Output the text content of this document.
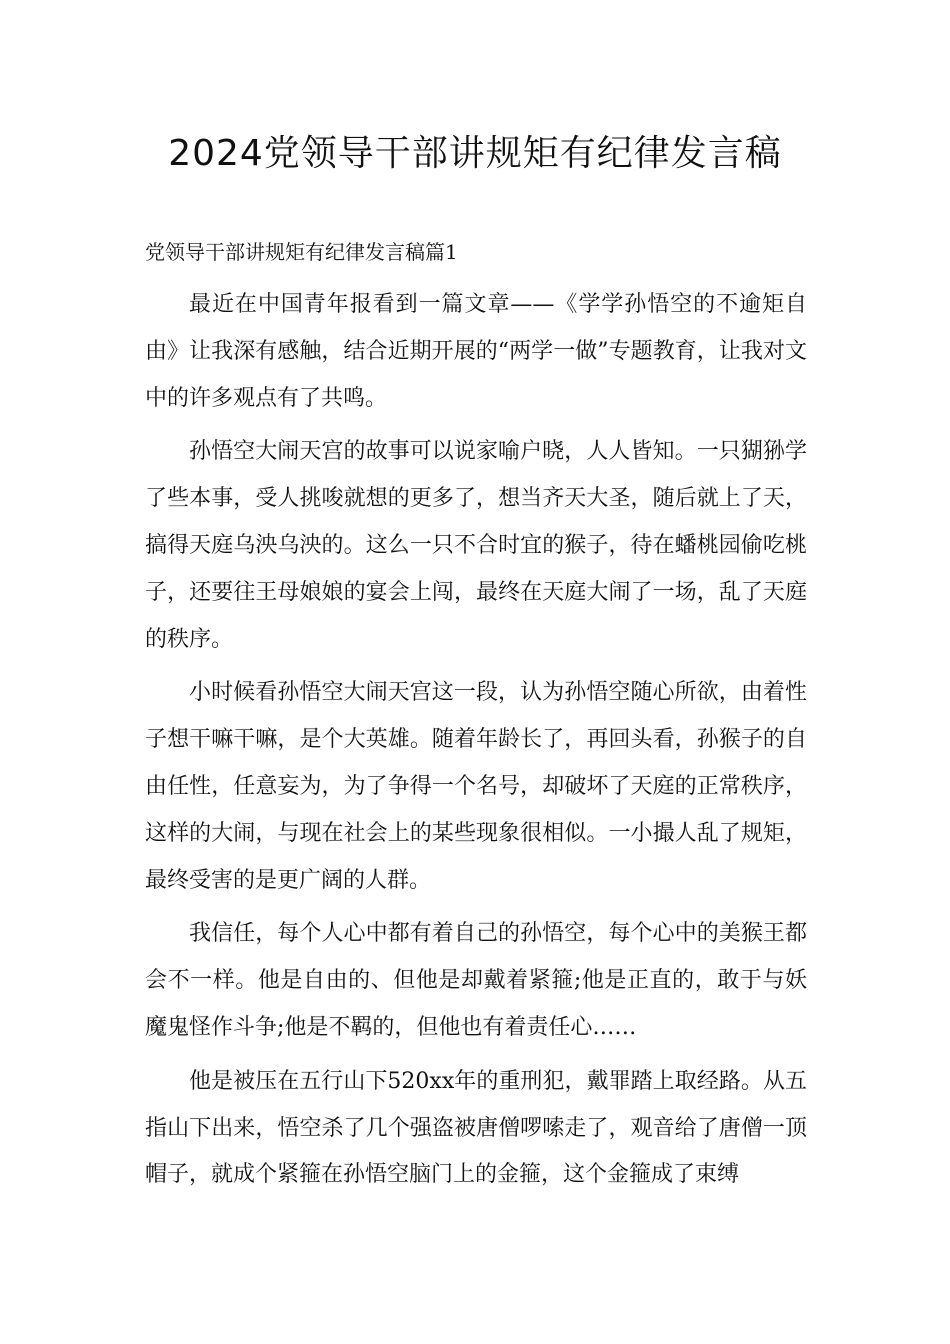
2024党领导干部讲规矩有纪律发言稿
党领导干部讲规矩有纪律发言稿篇1

最近在中国青年报看到一篇文章——《学学孙悟空的不逾矩自由》让我深有感触，结合近期开展的“两学一做”专题教育，让我对文中的许多观点有了共鸣。

孙悟空大闹天宫的故事可以说家喻户晓，人人皆知。一只猢狲学了些本事，受人挑唆就想的更多了，想当齐天大圣，随后就上了天，搞得天庭乌泱乌泱的。这么一只不合时宜的猴子，待在蟠桃园偷吃桃子，还要往王母娘娘的宴会上闯，最终在天庭大闹了一场，乱了天庭的秩序。

小时候看孙悟空大闹天宫这一段，认为孙悟空随心所欲，由着性子想干嘛干嘛，是个大英雄。随着年龄长了，再回头看，孙猴子的自由任性，任意妄为，为了争得一个名号，却破坏了天庭的正常秩序，这样的大闹，与现在社会上的某些现象很相似。一小撮人乱了规矩，最终受害的是更广阔的人群。

我信任，每个人心中都有着自己的孙悟空，每个心中的美猴王都会不一样。他是自由的、但他是却戴着紧箍;他是正直的，敢于与妖魔鬼怪作斗争;他是不羁的，但他也有着责任心……

他是被压在五行山下520xx年的重刑犯，戴罪踏上取经路。从五指山下出来，悟空杀了几个强盗被唐僧啰嗦走了，观音给了唐僧一顶帽子，就成个紧箍在孙悟空脑门上的金箍，这个金箍成了束缚
